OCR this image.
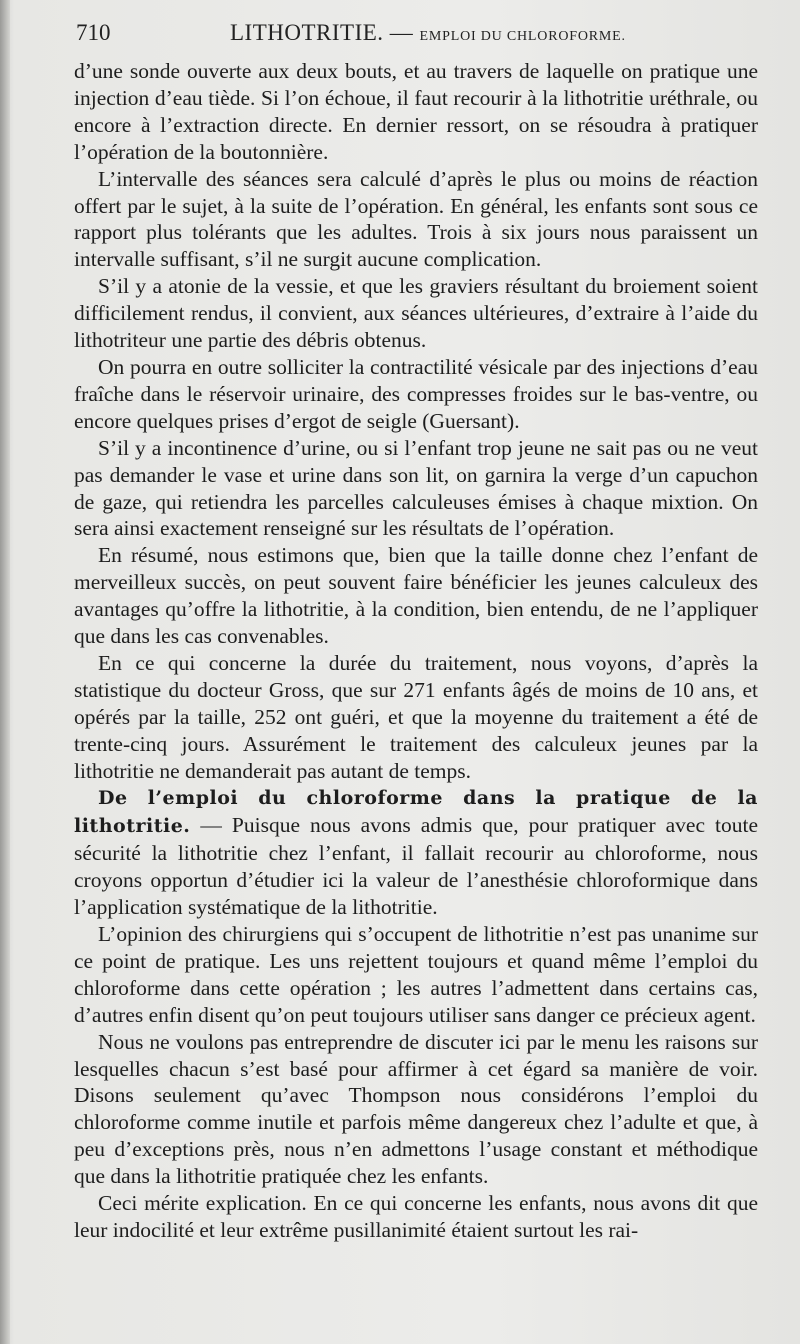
710	LITHOTRITIE. — EMPLOI DU CHLOROFORME.

d’une sonde ouverte aux deux bouts, et au travers de laquelle on pratique une injection d’eau tiède. Si l’on échoue, il faut recourir à la lithotritie uréthrale, ou encore à l’extraction directe. En dernier ressort, on se résoudra à pratiquer l’opération de la boutonnière.

L’intervalle des séances sera calculé d’après le plus ou moins de réaction offert par le sujet, à la suite de l’opération. En général, les enfants sont sous ce rapport plus tolérants que les adultes. Trois à six jours nous paraissent un intervalle suffisant, s’il ne surgit aucune complication.

S’il y a atonie de la vessie, et que les graviers résultant du broiement soient difficilement rendus, il convient, aux séances ultérieures, d’extraire à l’aide du lithotriteur une partie des débris obtenus.

On pourra en outre solliciter la contractilité vésicale par des injections d’eau fraîche dans le réservoir urinaire, des compresses froides sur le bas-ventre, ou encore quelques prises d’ergot de seigle (Guersant).

S’il y a incontinence d’urine, ou si l’enfant trop jeune ne sait pas ou ne veut pas demander le vase et urine dans son lit, on garnira la verge d’un capuchon de gaze, qui retiendra les parcelles calculeuses émises à chaque mixtion. On sera ainsi exactement renseigné sur les résultats de l’opération.

En résumé, nous estimons que, bien que la taille donne chez l’enfant de merveilleux succès, on peut souvent faire bénéficier les jeunes calculeux des avantages qu’offre la lithotritie, à la condition, bien entendu, de ne l’appliquer que dans les cas convenables.

En ce qui concerne la durée du traitement, nous voyons, d’après la statistique du docteur Gross, que sur 271 enfants âgés de moins de 10 ans, et opérés par la taille, 252 ont guéri, et que la moyenne du traitement a été de trente-cinq jours. Assurément le traitement des calculeux jeunes par la lithotritie ne demanderait pas autant de temps.

De l’emploi du chloroforme dans la pratique de la lithotritie. — Puisque nous avons admis que, pour pratiquer avec toute sécurité la lithotritie chez l’enfant, il fallait recourir au chloroforme, nous croyons opportun d’étudier ici la valeur de l’anesthésie chloroformique dans l’application systématique de la lithotritie.

L’opinion des chirurgiens qui s’occupent de lithotritie n’est pas unanime sur ce point de pratique. Les uns rejettent toujours et quand même l’emploi du chloroforme dans cette opération ; les autres l’admettent dans certains cas, d’autres enfin disent qu’on peut toujours utiliser sans danger ce précieux agent.

Nous ne voulons pas entreprendre de discuter ici par le menu les raisons sur lesquelles chacun s’est basé pour affirmer à cet égard sa manière de voir. Disons seulement qu’avec Thompson nous considérons l’emploi du chloroforme comme inutile et parfois même dangereux chez l’adulte et que, à peu d’exceptions près, nous n’en admettons l’usage constant et méthodique que dans la lithotritie pratiquée chez les enfants.

Ceci mérite explication. En ce qui concerne les enfants, nous avons dit que leur indocilité et leur extrême pusillanimité étaient surtout les rai-
